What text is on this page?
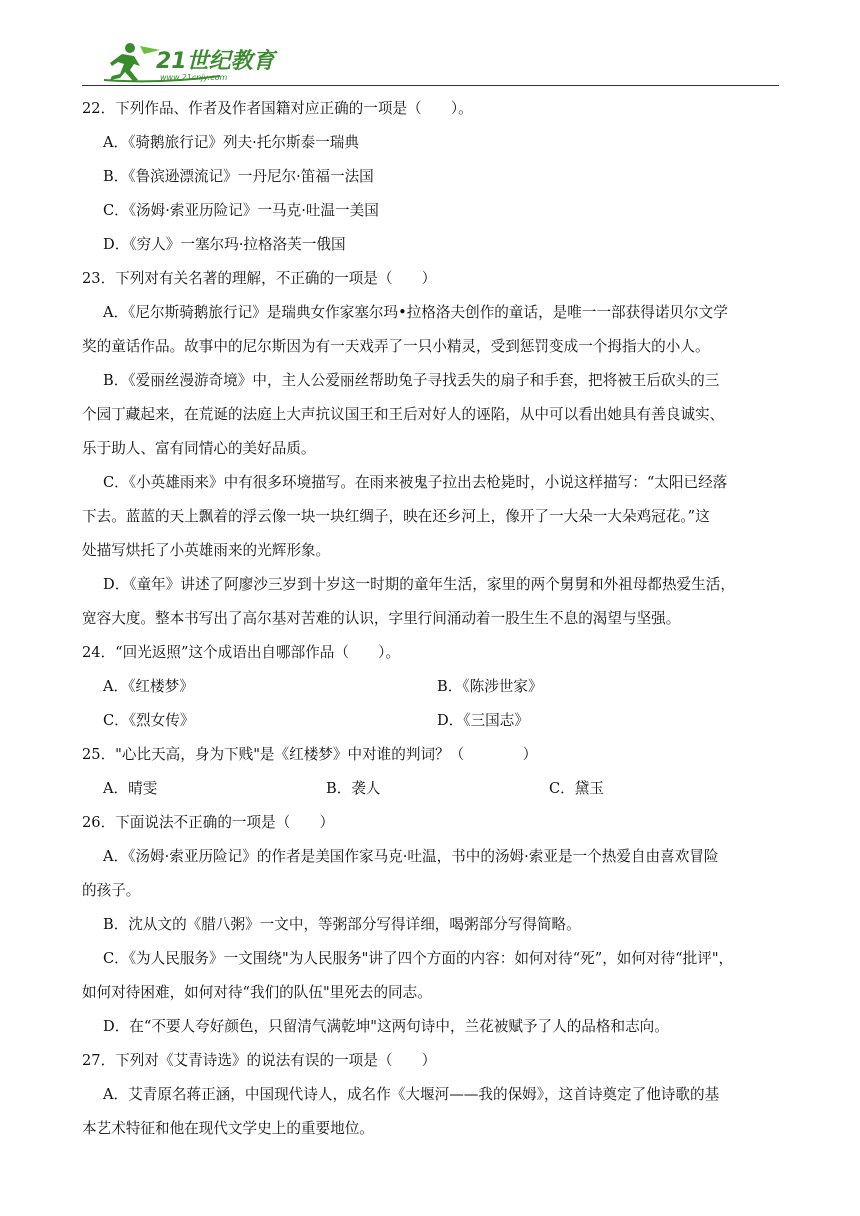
21世纪教育
www.21cnjy.com

22．下列作品、作者及作者国籍对应正确的一项是（　　）。

A．《骑鹅旅行记》列夫·托尔斯泰一瑞典

B．《鲁滨逊漂流记》一丹尼尔·笛福一法国

C．《汤姆·索亚历险记》一马克·吐温一美国

D．《穷人》一塞尔玛·拉格洛芙一俄国

23．下列对有关名著的理解，不正确的一项是（　　）

A．《尼尔斯骑鹅旅行记》是瑞典女作家塞尔玛•拉格洛夫创作的童话，是唯一一部获得诺贝尔文学

奖的童话作品。故事中的尼尔斯因为有一天戏弄了一只小精灵，受到惩罚变成一个拇指大的小人。

B．《爱丽丝漫游奇境》中，主人公爱丽丝帮助兔子寻找丢失的扇子和手套，把将被王后砍头的三

个园丁藏起来，在荒诞的法庭上大声抗议国王和王后对好人的诬陷，从中可以看出她具有善良诚实、

乐于助人、富有同情心的美好品质。

C．《小英雄雨来》中有很多环境描写。在雨来被鬼子拉出去枪毙时，小说这样描写：“太阳已经落

下去。蓝蓝的天上飘着的浮云像一块一块红绸子，映在还乡河上，像开了一大朵一大朵鸡冠花。”这

处描写烘托了小英雄雨来的光辉形象。

D．《童年》讲述了阿廖沙三岁到十岁这一时期的童年生活，家里的两个舅舅和外祖母都热爱生活，

宽容大度。整本书写出了高尔基对苦难的认识，字里行间涌动着一股生生不息的渴望与坚强。

24．“回光返照”这个成语出自哪部作品（　　）。

A．《红楼梦》	B．《陈涉世家》
C．《烈女传》	D．《三国志》

25．"心比天高，身为下贱"是《红楼梦》中对谁的判词？（　　　　）

A．晴雯	B．袭人	C．黛玉

26．下面说法不正确的一项是（　　）

A．《汤姆·索亚历险记》的作者是美国作家马克·吐温，书中的汤姆·索亚是一个热爱自由喜欢冒险

的孩子。

B．沈从文的《腊八粥》一文中，等粥部分写得详细，喝粥部分写得简略。

C．《为人民服务》一文围绕"为人民服务"讲了四个方面的内容：如何对待“死”，如何对待“批评"，

如何对待困难，如何对待“我们的队伍"里死去的同志。

D．在“不要人夸好颜色，只留清气满乾坤"这两句诗中，兰花被赋予了人的品格和志向。

27．下列对《艾青诗选》的说法有误的一项是（　　）

A．艾青原名蒋正涵，中国现代诗人，成名作《大堰河——我的保姆》，这首诗奠定了他诗歌的基

本艺术特征和他在现代文学史上的重要地位。
